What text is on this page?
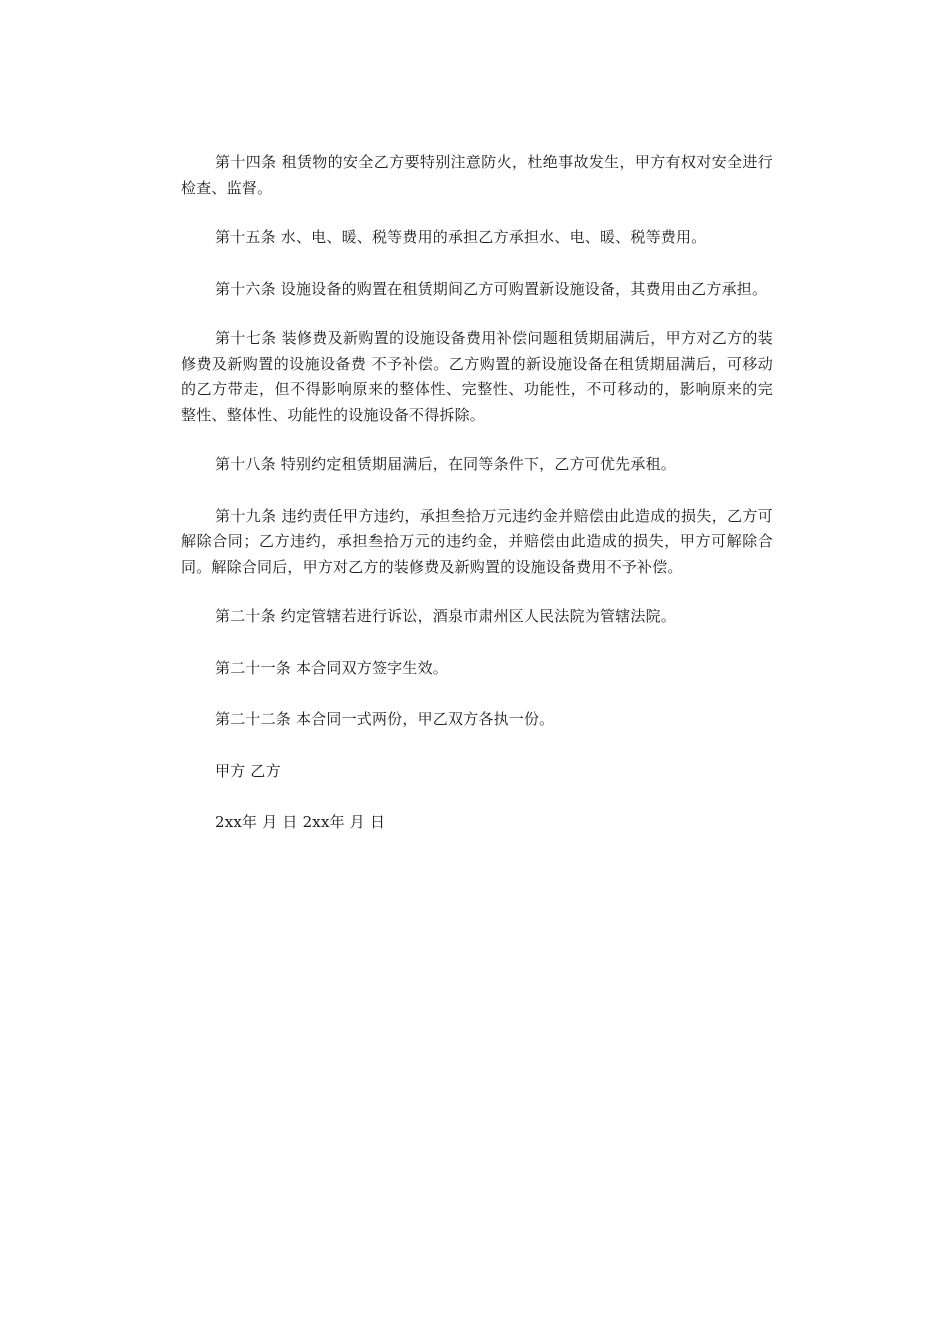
第十四条 租赁物的安全乙方要特别注意防火，杜绝事故发生，甲方有权对安全进行检查、监督。

第十五条 水、电、暖、税等费用的承担乙方承担水、电、暖、税等费用。

第十六条 设施设备的购置在租赁期间乙方可购置新设施设备，其费用由乙方承担。

第十七条 装修费及新购置的设施设备费用补偿问题租赁期届满后，甲方对乙方的装修费及新购置的设施设备费 不予补偿。乙方购置的新设施设备在租赁期届满后，可移动的乙方带走，但不得影响原来的整体性、完整性、功能性，不可移动的，影响原来的完整性、整体性、功能性的设施设备不得拆除。

第十八条 特别约定租赁期届满后，在同等条件下，乙方可优先承租。

第十九条 违约责任甲方违约，承担叁拾万元违约金并赔偿由此造成的损失，乙方可解除合同；乙方违约，承担叁拾万元的违约金，并赔偿由此造成的损失，甲方可解除合同。解除合同后，甲方对乙方的装修费及新购置的设施设备费用不予补偿。

第二十条 约定管辖若进行诉讼，酒泉市肃州区人民法院为管辖法院。

第二十一条 本合同双方签字生效。

第二十二条 本合同一式两份，甲乙双方各执一份。

甲方 乙方

2xx年 月 日 2xx年 月 日
